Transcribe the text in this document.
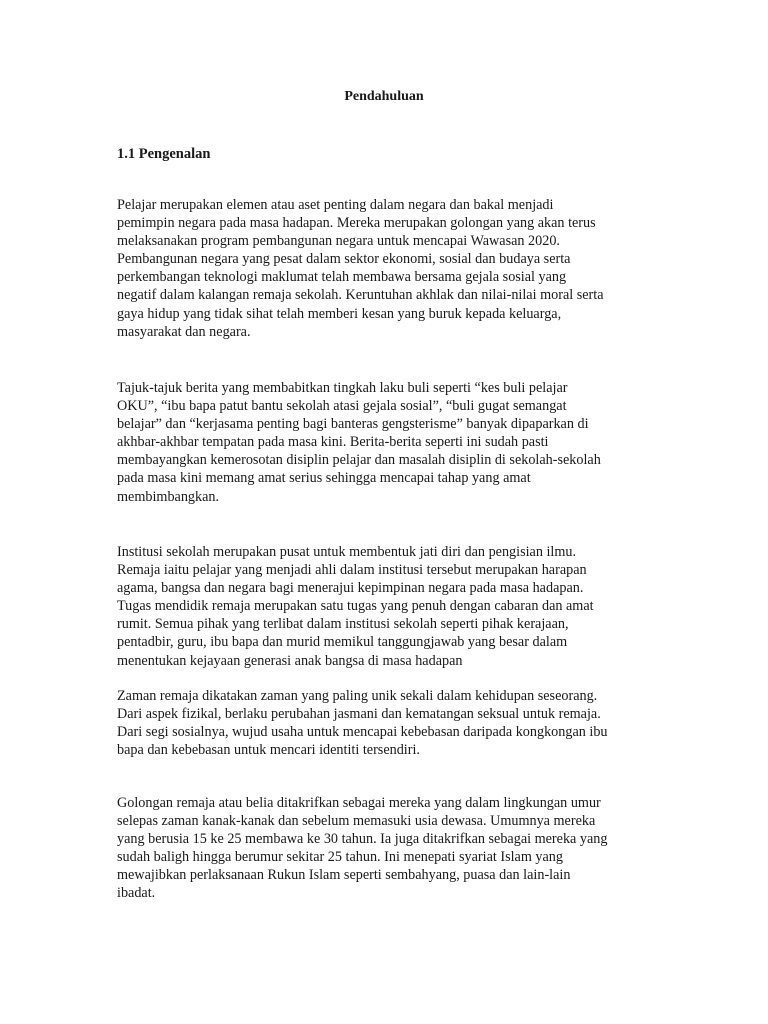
Pendahuluan
1.1 Pengenalan

Pelajar merupakan elemen atau aset penting dalam negara dan bakal menjadi
pemimpin negara pada masa hadapan. Mereka merupakan golongan yang akan terus
melaksanakan program pembangunan negara untuk mencapai Wawasan 2020.
Pembangunan negara yang pesat dalam sektor ekonomi, sosial dan budaya serta
perkembangan teknologi maklumat telah membawa bersama gejala sosial yang
negatif dalam kalangan remaja sekolah. Keruntuhan akhlak dan nilai-nilai moral serta
gaya hidup yang tidak sihat telah memberi kesan yang buruk kepada keluarga,
masyarakat dan negara.

Tajuk-tajuk berita yang membabitkan tingkah laku buli seperti “kes buli pelajar
OKU”, “ibu bapa patut bantu sekolah atasi gejala sosial”, “buli gugat semangat
belajar” dan “kerjasama penting bagi banteras gengsterisme” banyak dipaparkan di
akhbar-akhbar tempatan pada masa kini. Berita-berita seperti ini sudah pasti
membayangkan kemerosotan disiplin pelajar dan masalah disiplin di sekolah-sekolah
pada masa kini memang amat serius sehingga mencapai tahap yang amat
membimbangkan.

Institusi sekolah merupakan pusat untuk membentuk jati diri dan pengisian ilmu.
Remaja iaitu pelajar yang menjadi ahli dalam institusi tersebut merupakan harapan
agama, bangsa dan negara bagi menerajui kepimpinan negara pada masa hadapan.
Tugas mendidik remaja merupakan satu tugas yang penuh dengan cabaran dan amat
rumit. Semua pihak yang terlibat dalam institusi sekolah seperti pihak kerajaan,
pentadbir, guru, ibu bapa dan murid memikul tanggungjawab yang besar dalam
menentukan kejayaan generasi anak bangsa di masa hadapan

Zaman remaja dikatakan zaman yang paling unik sekali dalam kehidupan seseorang.
Dari aspek fizikal, berlaku perubahan jasmani dan kematangan seksual untuk remaja.
Dari segi sosialnya, wujud usaha untuk mencapai kebebasan daripada kongkongan ibu
bapa dan kebebasan untuk mencari identiti tersendiri.

Golongan remaja atau belia ditakrifkan sebagai mereka yang dalam lingkungan umur
selepas zaman kanak-kanak dan sebelum memasuki usia dewasa. Umumnya mereka
yang berusia 15 ke 25 membawa ke 30 tahun. Ia juga ditakrifkan sebagai mereka yang
sudah baligh hingga berumur sekitar 25 tahun. Ini menepati syariat Islam yang
mewajibkan perlaksanaan Rukun Islam seperti sembahyang, puasa dan lain-lain
ibadat.
